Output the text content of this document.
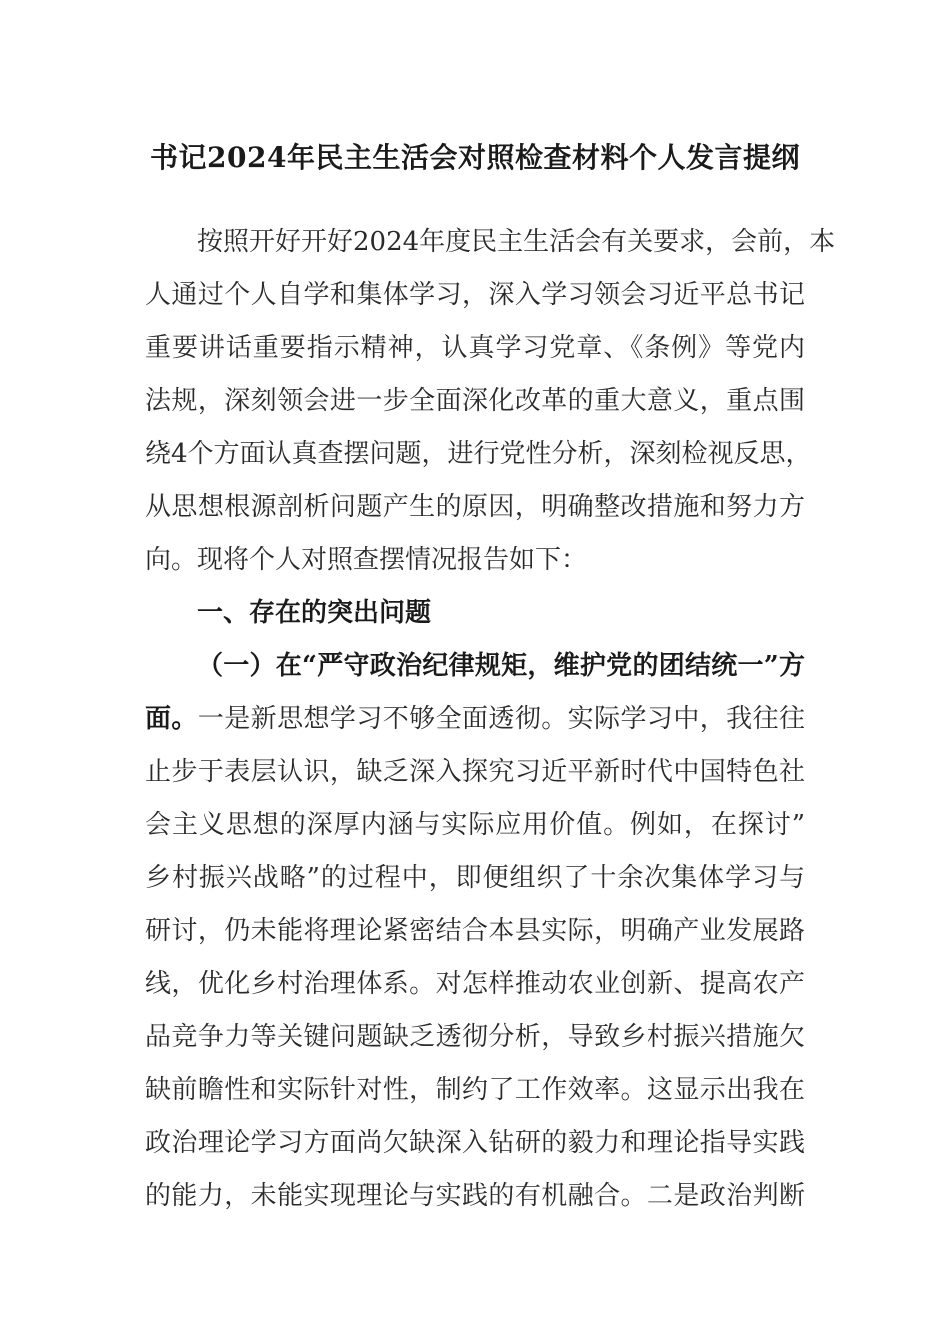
书记2024年民主生活会对照检查材料个人发言提纲
按照开好开好2024年度民主生活会有关要求，会前，本
人通过个人自学和集体学习，深入学习领会习近平总书记
重要讲话重要指示精神，认真学习党章、《条例》等党内
法规，深刻领会进一步全面深化改革的重大意义，重点围
绕4个方面认真查摆问题，进行党性分析，深刻检视反思，
从思想根源剖析问题产生的原因，明确整改措施和努力方
向。现将个人对照查摆情况报告如下：
一、存在的突出问题
（一）在“严守政治纪律规矩，维护党的团结统一”方
面。一是新思想学习不够全面透彻。实际学习中，我往往
止步于表层认识，缺乏深入探究习近平新时代中国特色社
会主义思想的深厚内涵与实际应用价值。例如，在探讨”
乡村振兴战略”的过程中，即便组织了十余次集体学习与
研讨，仍未能将理论紧密结合本县实际，明确产业发展路
线，优化乡村治理体系。对怎样推动农业创新、提高农产
品竞争力等关键问题缺乏透彻分析，导致乡村振兴措施欠
缺前瞻性和实际针对性，制约了工作效率。这显示出我在
政治理论学习方面尚欠缺深入钻研的毅力和理论指导实践
的能力，未能实现理论与实践的有机融合。二是政治判断
